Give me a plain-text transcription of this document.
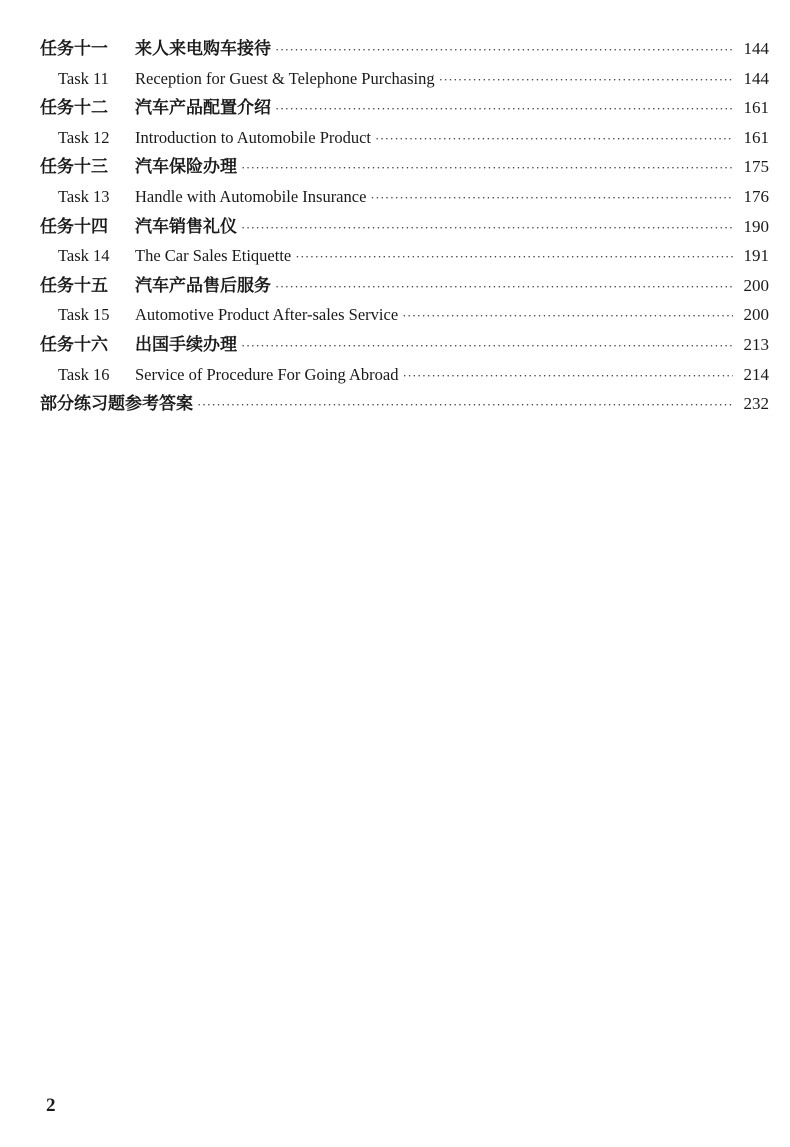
任务十一	来人来电购车接待 ·····	144
Task 11	Reception for Guest & Telephone Purchasing ·····	144
任务十二	汽车产品配置介绍 ·····	161
Task 12	Introduction to Automobile Product ·····	161
任务十三	汽车保险办理 ·····	175
Task 13	Handle with Automobile Insurance ·····	176
任务十四	汽车销售礼仪 ·····	190
Task 14	The Car Sales Etiquette ·····	191
任务十五	汽车产品售后服务 ·····	200
Task 15	Automotive Product After-sales Service ·····	200
任务十六	出国手续办理 ·····	213
Task 16	Service of Procedure For Going Abroad ·····	214
部分练习题参考答案 ·····	232
2
